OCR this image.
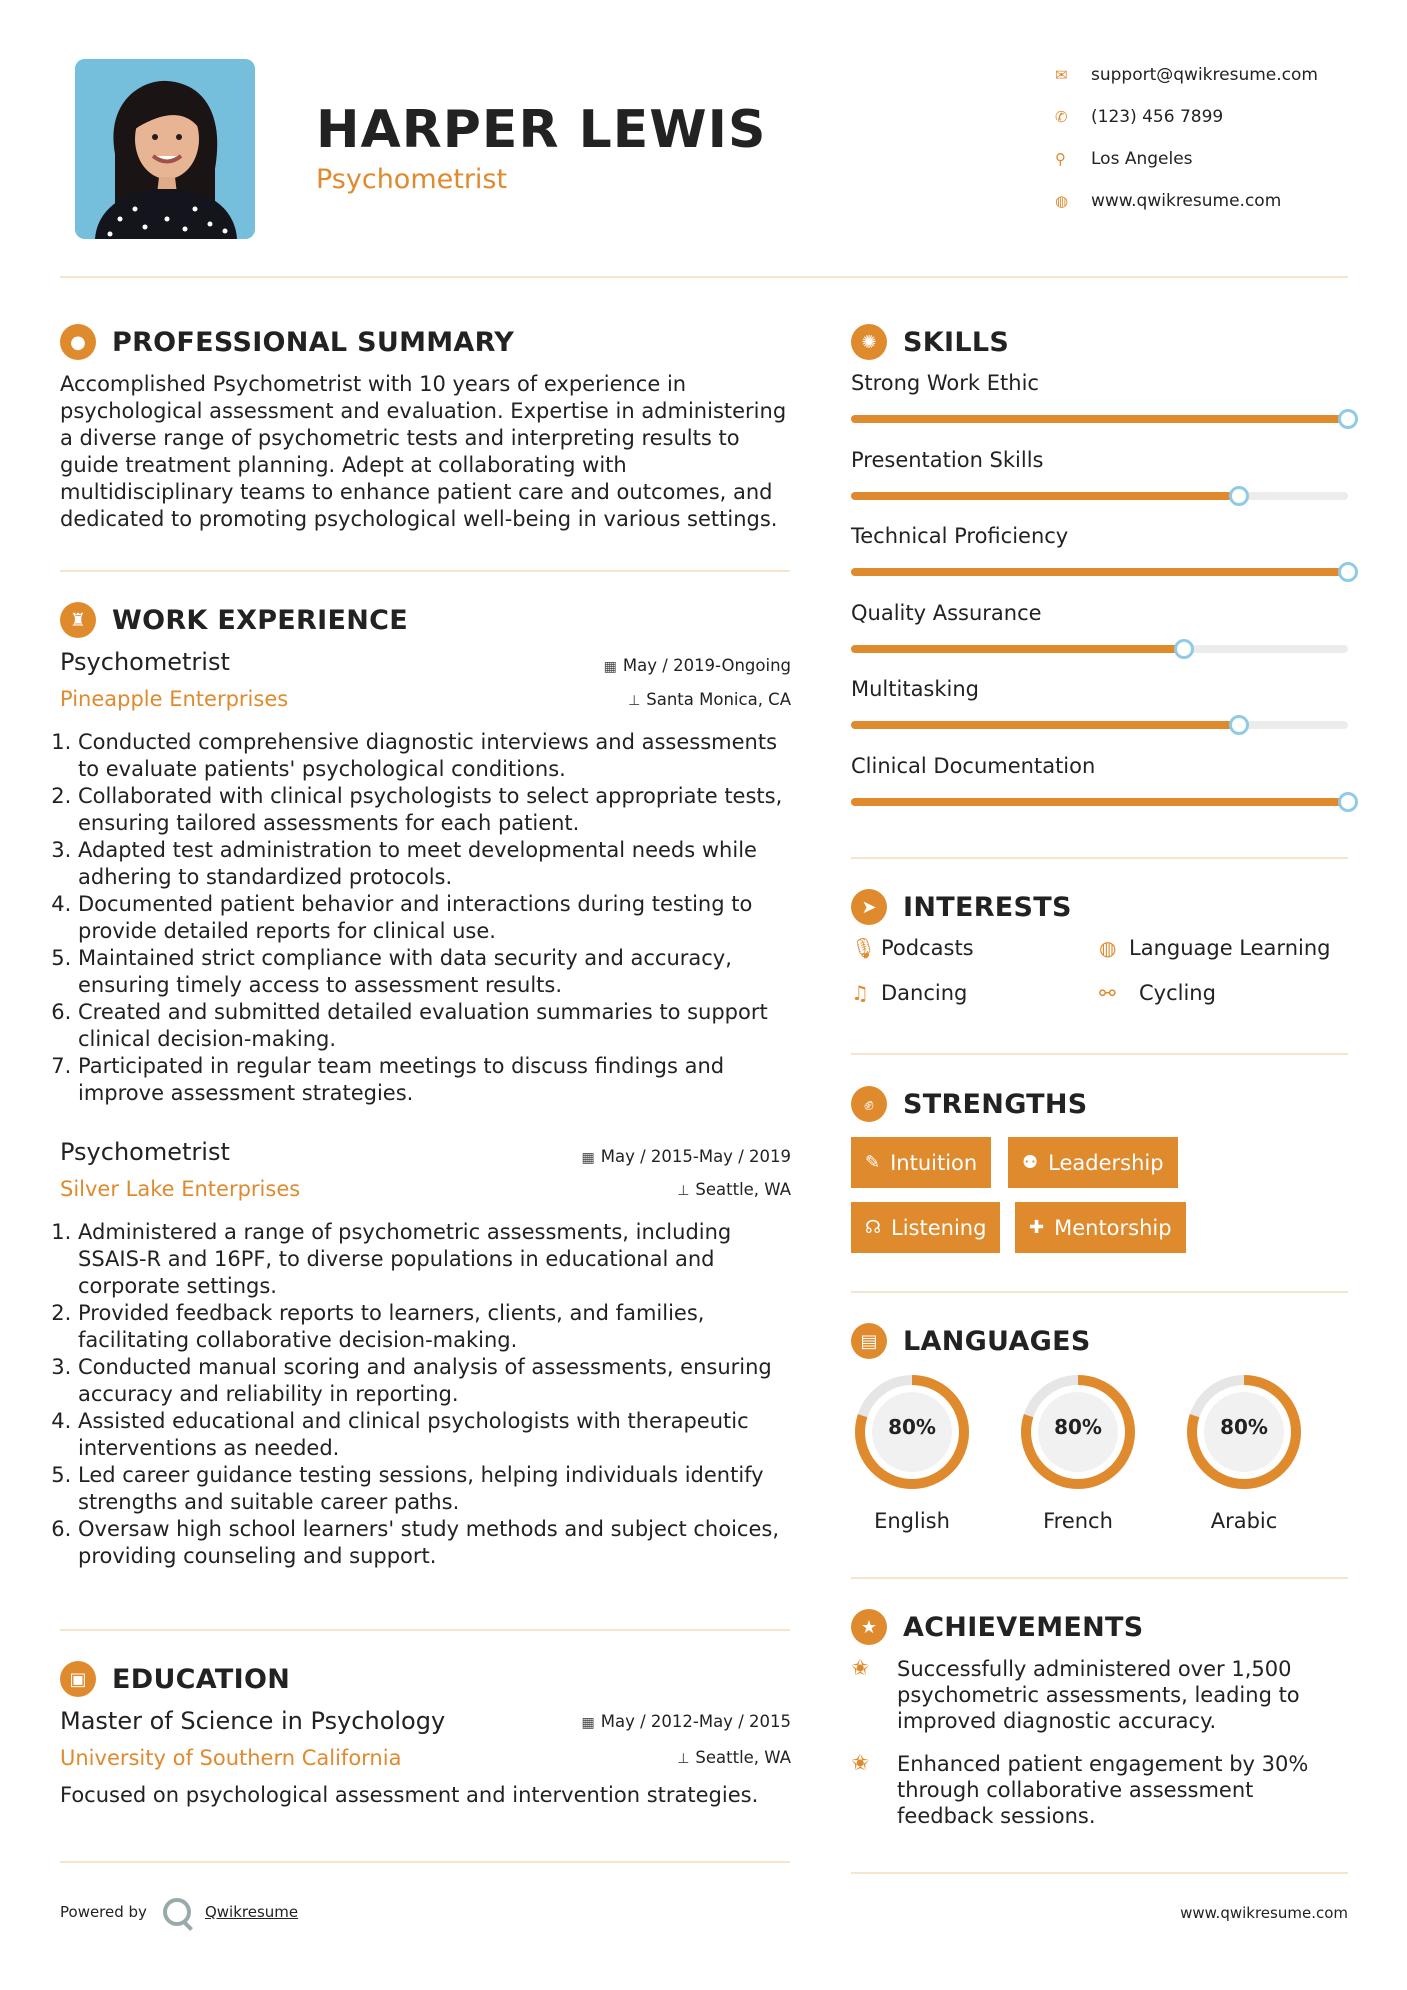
HARPER LEWIS
Psychometrist
✉	support@qwikresume.com
✆	(123) 456 7899
⚲	Los Angeles
◍	www.qwikresume.com
● PROFESSIONAL SUMMARY
Accomplished Psychometrist with 10 years of experience in psychological assessment and evaluation. Expertise in administering a diverse range of psychometric tests and interpreting results to guide treatment planning. Adept at collaborating with multidisciplinary teams to enhance patient care and outcomes, and dedicated to promoting psychological well-being in various settings.
♜ WORK EXPERIENCE
Psychometrist	▦ May / 2019-Ongoing
Pineapple Enterprises	⊥ Santa Monica, CA
1. Conducted comprehensive diagnostic interviews and assessments to evaluate patients' psychological conditions.
2. Collaborated with clinical psychologists to select appropriate tests, ensuring tailored assessments for each patient.
3. Adapted test administration to meet developmental needs while adhering to standardized protocols.
4. Documented patient behavior and interactions during testing to provide detailed reports for clinical use.
5. Maintained strict compliance with data security and accuracy, ensuring timely access to assessment results.
6. Created and submitted detailed evaluation summaries to support clinical decision-making.
7. Participated in regular team meetings to discuss findings and improve assessment strategies.
Psychometrist	▦ May / 2015-May / 2019
Silver Lake Enterprises	⊥ Seattle, WA
1. Administered a range of psychometric assessments, including SSAIS-R and 16PF, to diverse populations in educational and corporate settings.
2. Provided feedback reports to learners, clients, and families, facilitating collaborative decision-making.
3. Conducted manual scoring and analysis of assessments, ensuring accuracy and reliability in reporting.
4. Assisted educational and clinical psychologists with therapeutic interventions as needed.
5. Led career guidance testing sessions, helping individuals identify strengths and suitable career paths.
6. Oversaw high school learners' study methods and subject choices, providing counseling and support.
▣ EDUCATION
Master of Science in Psychology	▦ May / 2012-May / 2015
University of Southern California	⊥ Seattle, WA
Focused on psychological assessment and intervention strategies.
✺ SKILLS
Strong Work Ethic
Presentation Skills
Technical Proficiency
Quality Assurance
Multitasking
Clinical Documentation
➤ INTERESTS
🎙︎ Podcasts	◍ Language Learning
♫ Dancing	⚯	Cycling
✊︎	STRENGTHS
✎ Intuition ⚉ Leadership
☊ Listening ✚ Mentorship
▤ LANGUAGES
80%
English
80%
French
80%
Arabic
★ ACHIEVEMENTS
✬	Successfully administered over 1,500 psychometric assessments, leading to improved diagnostic accuracy.
✬	Enhanced patient engagement by 30% through collaborative assessment feedback sessions.
Powered by	Qwikresume	www.qwikresume.com
